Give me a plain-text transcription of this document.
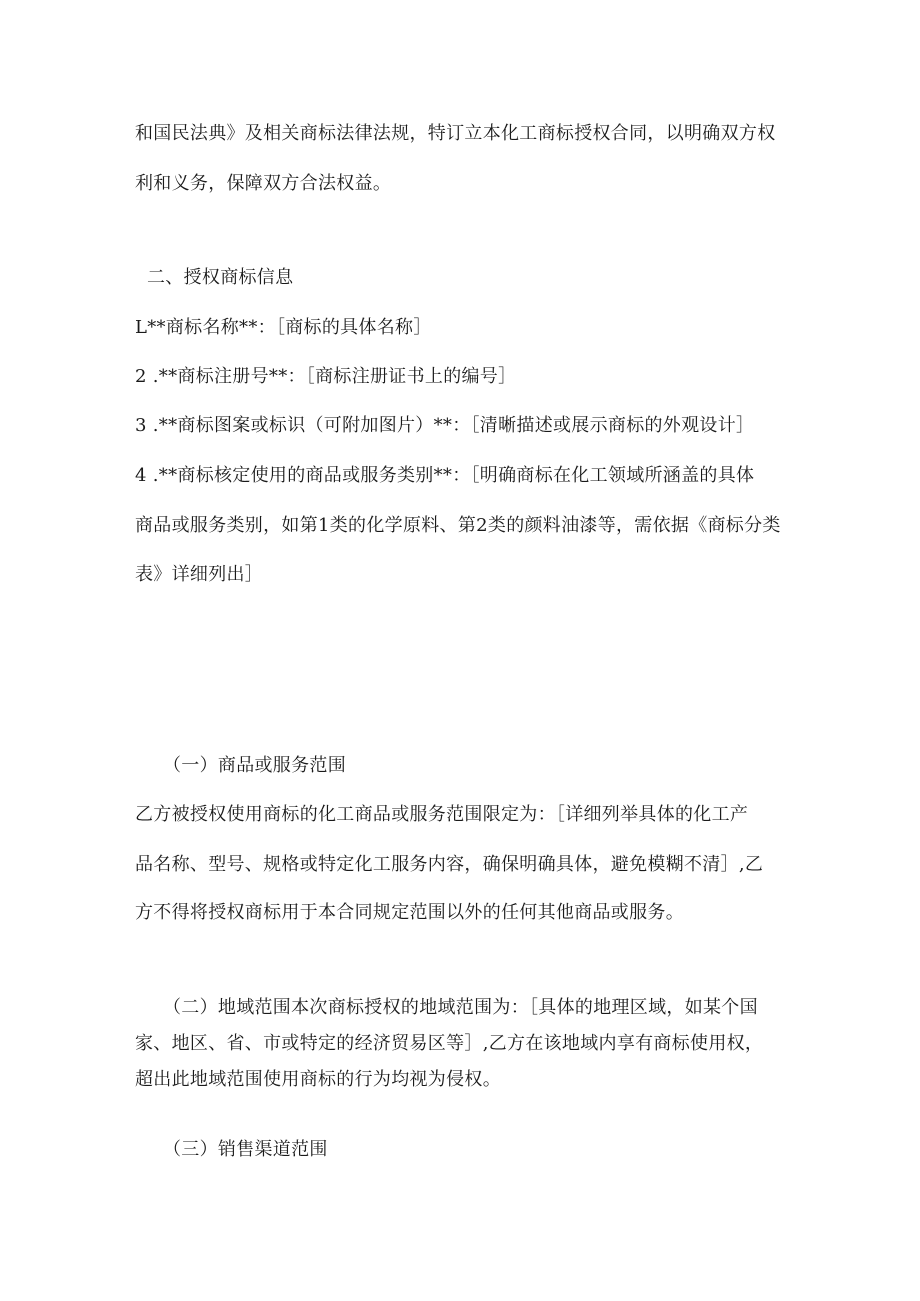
和国民法典》及相关商标法律法规，特订立本化工商标授权合同，以明确双方权
利和义务，保障双方合法权益。
二、授权商标信息
L**商标名称**：［商标的具体名称］
2 .**商标注册号**：［商标注册证书上的编号］
3 .**商标图案或标识（可附加图片）**：［清晰描述或展示商标的外观设计］
4 .**商标核定使用的商品或服务类别**：［明确商标在化工领域所涵盖的具体
商品或服务类别，如第1类的化学原料、第2类的颜料油漆等，需依据《商标分类
表》详细列出］
（一）商品或服务范围
乙方被授权使用商标的化工商品或服务范围限定为：［详细列举具体的化工产
品名称、型号、规格或特定化工服务内容，确保明确具体，避免模糊不清］,乙
方不得将授权商标用于本合同规定范围以外的任何其他商品或服务。
（二）地域范围本次商标授权的地域范围为：［具体的地理区域，如某个国
家、地区、省、市或特定的经济贸易区等］,乙方在该地域内享有商标使用权，
超出此地域范围使用商标的行为均视为侵权。
（三）销售渠道范围
